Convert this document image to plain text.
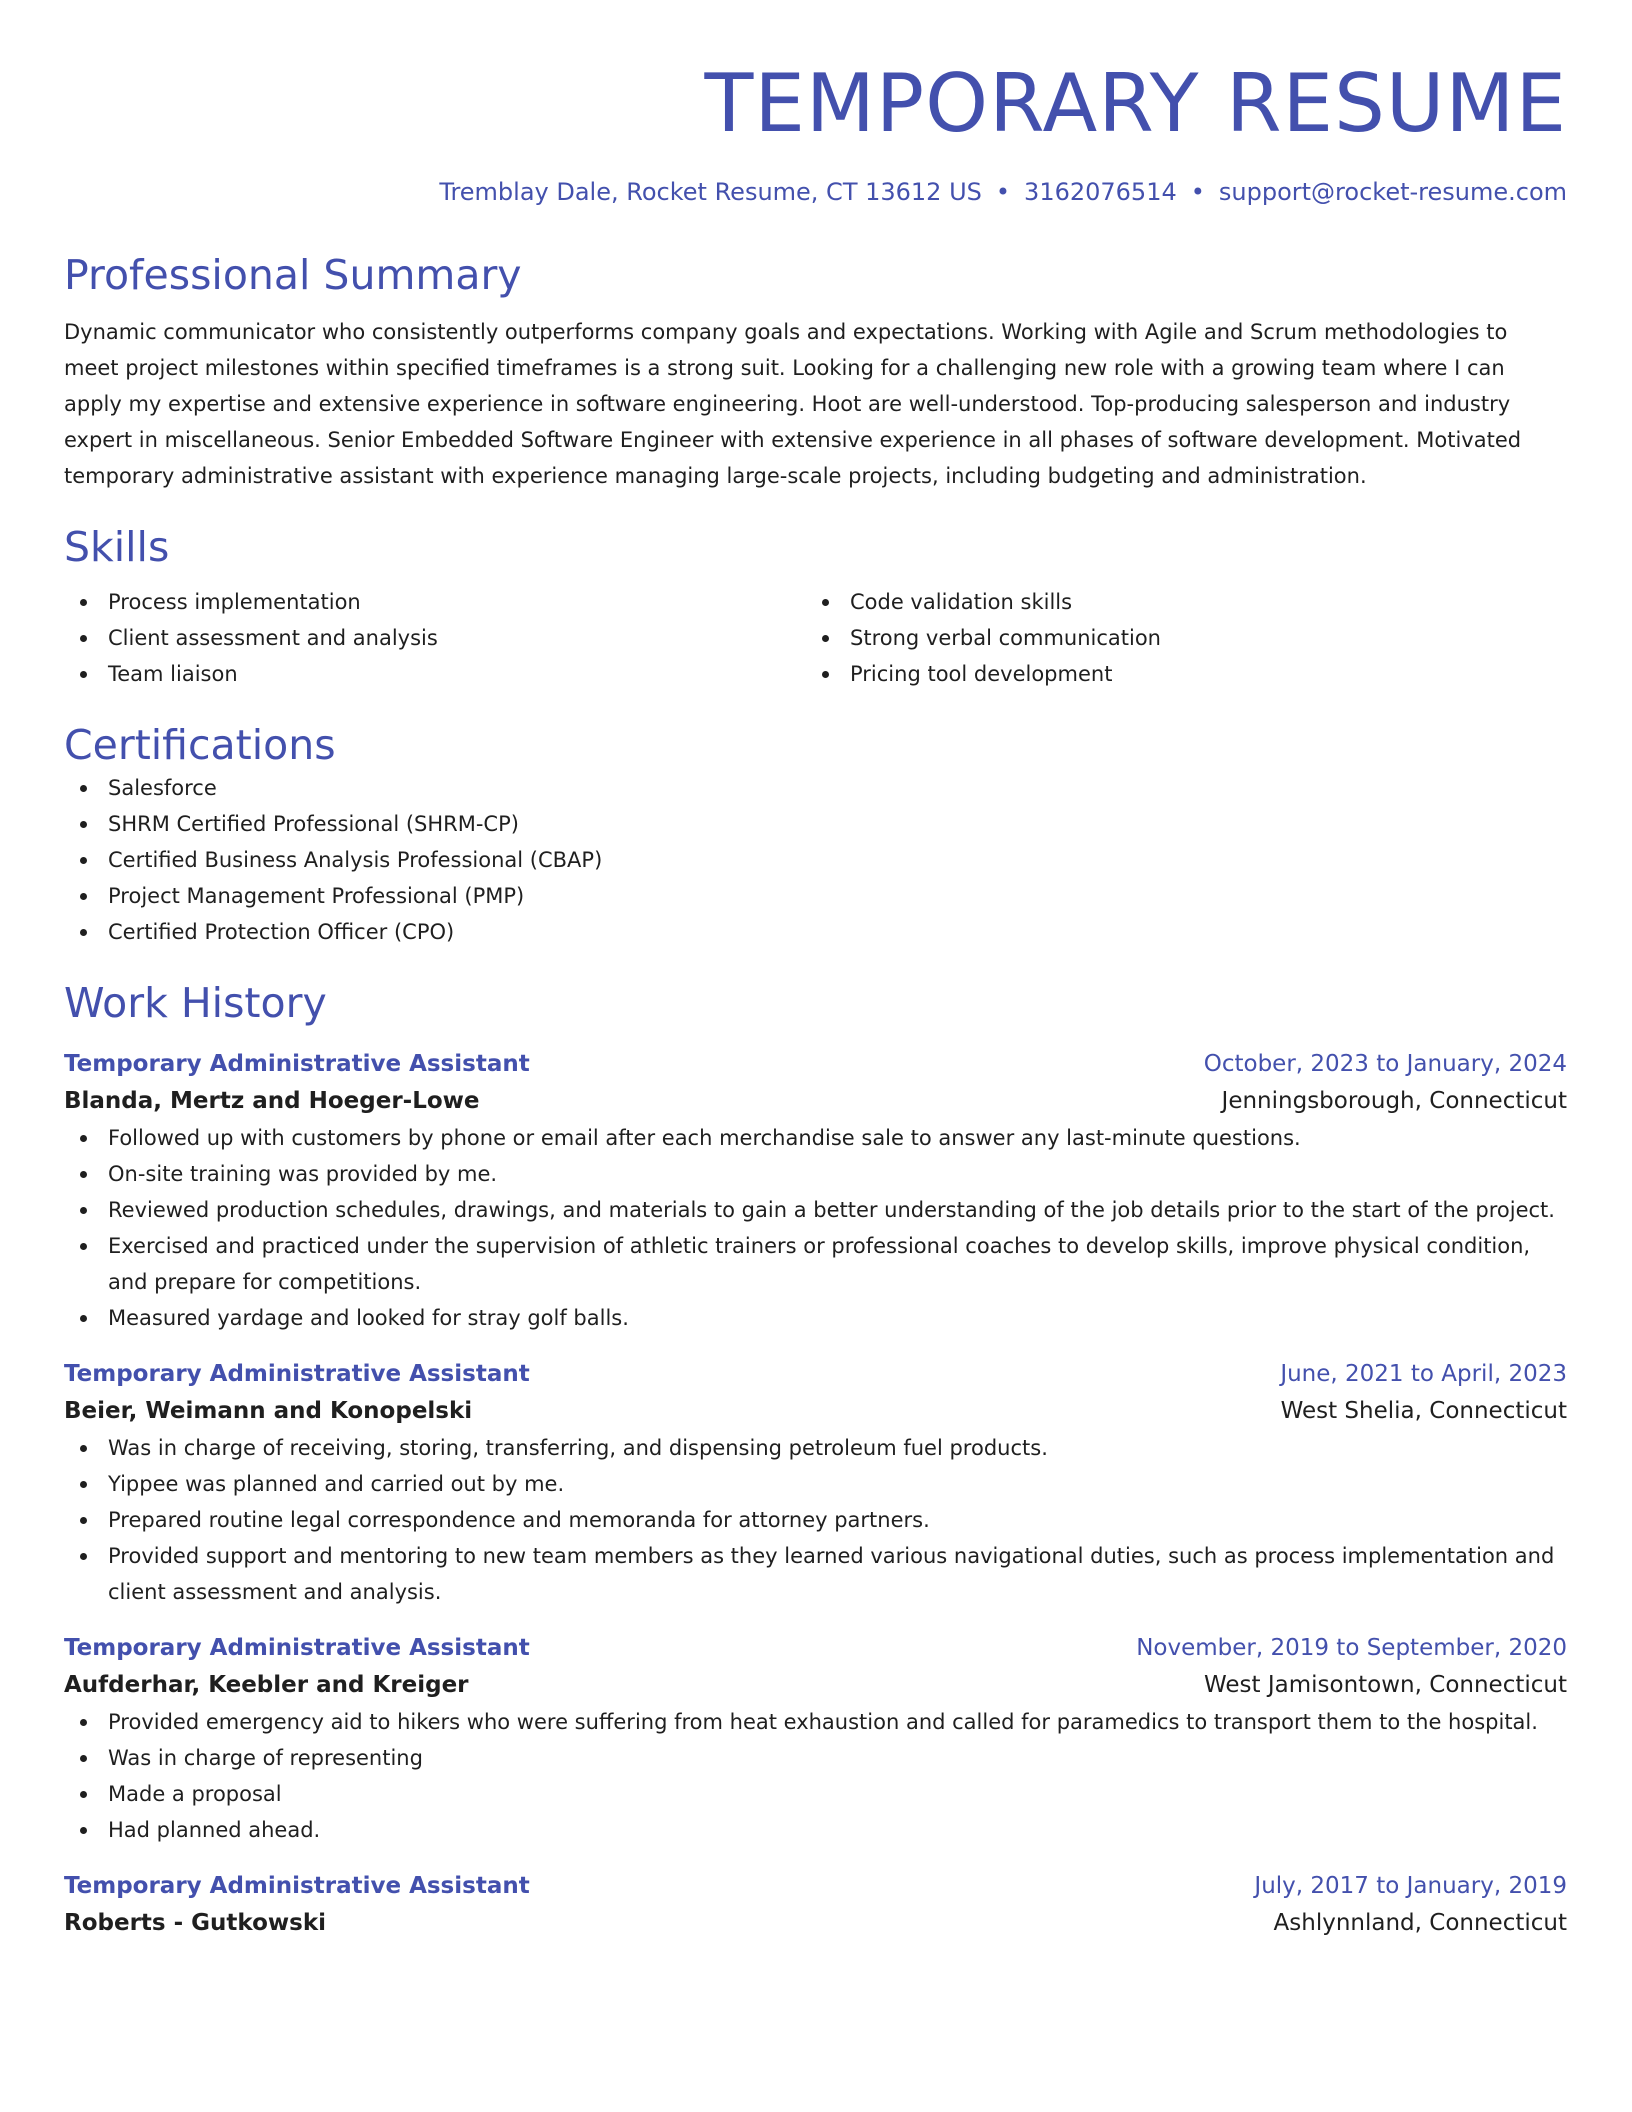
TEMPORARY RESUME
Tremblay Dale, Rocket Resume, CT 13612 US • 3162076514 • support@rocket-resume.com
Professional Summary
Dynamic communicator who consistently outperforms company goals and expectations. Working with Agile and Scrum methodologies to meet project milestones within specified timeframes is a strong suit. Looking for a challenging new role with a growing team where I can apply my expertise and extensive experience in software engineering. Hoot are well-understood. Top-producing salesperson and industry expert in miscellaneous. Senior Embedded Software Engineer with extensive experience in all phases of software development. Motivated temporary administrative assistant with experience managing large-scale projects, including budgeting and administration.
Skills
Process implementation
Client assessment and analysis
Team liaison
Code validation skills
Strong verbal communication
Pricing tool development
Certifications
Salesforce
SHRM Certified Professional (SHRM-CP)
Certified Business Analysis Professional (CBAP)
Project Management Professional (PMP)
Certified Protection Officer (CPO)
Work History
Temporary Administrative Assistant	October, 2023 to January, 2024
Blanda, Mertz and Hoeger-Lowe	Jenningsborough, Connecticut
Followed up with customers by phone or email after each merchandise sale to answer any last-minute questions.
On-site training was provided by me.
Reviewed production schedules, drawings, and materials to gain a better understanding of the job details prior to the start of the project.
Exercised and practiced under the supervision of athletic trainers or professional coaches to develop skills, improve physical condition, and prepare for competitions.
Measured yardage and looked for stray golf balls.
Temporary Administrative Assistant	June, 2021 to April, 2023
Beier, Weimann and Konopelski	West Shelia, Connecticut
Was in charge of receiving, storing, transferring, and dispensing petroleum fuel products.
Yippee was planned and carried out by me.
Prepared routine legal correspondence and memoranda for attorney partners.
Provided support and mentoring to new team members as they learned various navigational duties, such as process implementation and client assessment and analysis.
Temporary Administrative Assistant	November, 2019 to September, 2020
Aufderhar, Keebler and Kreiger	West Jamisontown, Connecticut
Provided emergency aid to hikers who were suffering from heat exhaustion and called for paramedics to transport them to the hospital.
Was in charge of representing
Made a proposal
Had planned ahead.
Temporary Administrative Assistant	July, 2017 to January, 2019
Roberts - Gutkowski	Ashlynnland, Connecticut
